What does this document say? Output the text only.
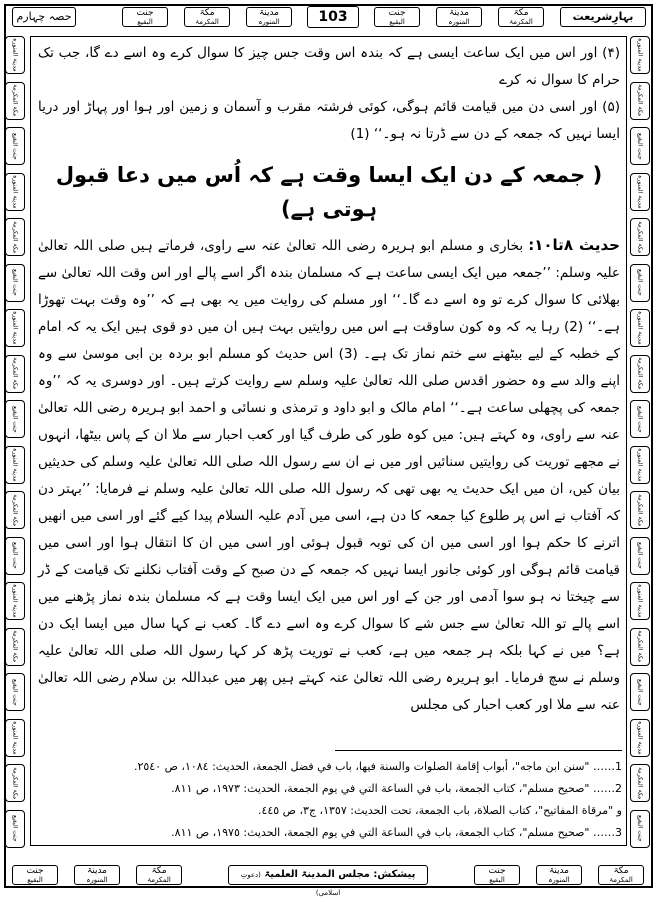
حصہ چہارم	جنت
البقیع
مکۃ
المکرمۃ
مدینۃ
المنورہ	103	جنت
البقیع
مدینۃ
المنورہ
مکۃ
المکرمۃ	بہارِشریعت
مدینۃ المنورہ
مکۃ المکرمۃ
جنت البقیع
مدینۃ المنورہ
مکۃ المکرمۃ
جنت البقیع
مدینۃ المنورہ
مکۃ المکرمۃ
جنت البقیع
مدینۃ المنورہ
مکۃ المکرمۃ
جنت البقیع
مدینۃ المنورہ
مکۃ المکرمۃ
جنت البقیع
مدینۃ المنورہ
مکۃ المکرمۃ
جنت البقیع
مدینۃ المنورہ
مکۃ المکرمۃ
جنت البقیع
مدینۃ المنورہ
مکۃ المکرمۃ
جنت البقیع
مدینۃ المنورہ
مکۃ المکرمۃ
جنت البقیع
مدینۃ المنورہ
مکۃ المکرمۃ
جنت البقیع
مدینۃ المنورہ
مکۃ المکرمۃ
جنت البقیع
مدینۃ المنورہ
مکۃ المکرمۃ
جنت البقیع

(۴) اور اس میں ایک ساعت ایسی ہے کہ بندہ اس وقت جس چیز کا سوال کرے وہ اسے دے گا، جب تک حرام کا سوال نہ کرے

(۵) اور اسی دن میں قیامت قائم ہوگی، کوئی فرشتہ مقرب و آسمان و زمین اور ہوا اور پہاڑ اور دریا ایسا نہیں کہ جمعہ کے دن سے ڈرتا نہ ہو۔‘‘ (1)

( جمعہ کے دن ایک ایسا وقت ہے کہ اُس میں دعا قبول ہوتی ہے)

حدیث ۸تا۱۰: بخاری و مسلم ابو ہریرہ رضی اللہ تعالیٰ عنہ سے راوی، فرماتے ہیں صلی اللہ تعالیٰ علیہ وسلم: ’’جمعہ میں ایک ایسی ساعت ہے کہ مسلمان بندہ اگر اسے پالے اور اس وقت اللہ تعالیٰ سے بھلائی کا سوال کرے تو وہ اسے دے گا۔‘‘ اور مسلم کی روایت میں یہ بھی ہے کہ ’’وہ وقت بہت تھوڑا ہے۔‘‘ (2) رہا یہ کہ وہ کون ساوقت ہے اس میں روایتیں بہت ہیں ان میں دو قوی ہیں ایک یہ کہ امام کے خطبہ کے لیے بیٹھنے سے ختم نماز تک ہے۔ (3) اس حدیث کو مسلم ابو بردہ بن ابی موسیٰ سے وہ اپنے والد سے وہ حضور اقدس صلی اللہ تعالیٰ علیہ وسلم سے روایت کرتے ہیں۔ اور دوسری یہ کہ ’’وہ جمعہ کی پچھلی ساعت ہے۔‘‘ امام مالک و ابو داود و ترمذی و نسائی و احمد ابو ہریرہ رضی اللہ تعالیٰ عنہ سے راوی، وہ کہتے ہیں: میں کوہ طور کی طرف گیا اور کعب احبار سے ملا ان کے پاس بیٹھا، انہوں نے مجھے توریت کی روایتیں سنائیں اور میں نے ان سے رسول اللہ صلی اللہ تعالیٰ علیہ وسلم کی حدیثیں بیان کیں، ان میں ایک حدیث یہ بھی تھی کہ رسول اللہ صلی اللہ تعالیٰ علیہ وسلم نے فرمایا: ’’بہتر دن کہ آفتاب نے اس پر طلوع کیا جمعہ کا دن ہے، اسی میں آدم علیہ السلام پیدا کیے گئے اور اسی میں انھیں اترنے کا حکم ہوا اور اسی میں ان کی توبہ قبول ہوئی اور اسی میں ان کا انتقال ہوا اور اسی میں قیامت قائم ہوگی اور کوئی جانور ایسا نہیں کہ جمعہ کے دن صبح کے وقت آفتاب نکلنے تک قیامت کے ڈر سے چیختا نہ ہو سوا آدمی اور جن کے اور اس میں ایک ایسا وقت ہے کہ مسلمان بندہ نماز پڑھنے میں اسے پالے تو اللہ تعالیٰ سے جس شے کا سوال کرے وہ اسے دے گا۔ کعب نے کہا سال میں ایسا ایک دن ہے؟ میں نے کہا بلکہ ہر جمعہ میں ہے، کعب نے توریت پڑھ کر کہا رسول اللہ صلی اللہ تعالیٰ علیہ وسلم نے سچ فرمایا۔ ابو ہریرہ رضی اللہ تعالیٰ عنہ کہتے ہیں پھر میں عبداللہ بن سلام رضی اللہ تعالیٰ عنہ سے ملا اور کعب احبار کی مجلس

1…… "سنن ابن ماجه"، أبواب إقامة الصلوات والسنة فيها، باب في فضل الجمعة، الحديث: ١٠٨٤، ص ٢٥٤٠.
2…… "صحيح مسلم"، كتاب الجمعة، باب في الساعة التي في يوم الجمعة، الحديث: ١٩٧٣، ص ٨١١.
و "مرقاة المفاتيح"، كتاب الصلاة، باب الجمعة، تحت الحديث: ١٣٥٧، ج٣، ص ٤٤٥.
3…… "صحيح مسلم"، كتاب الجمعة، باب في الساعة التي في يوم الجمعة، الحديث: ١٩٧٥، ص ٨١١.
جنت
البقیع
مدینۃ
المنورہ
مکۃ
المکرمۃ	پیشکش: مجلس المدینۃ العلمیۃ (دعوتِ اسلامی)
جنت
البقیع
مدینۃ
المنورہ
مکۃ
المکرمۃ
